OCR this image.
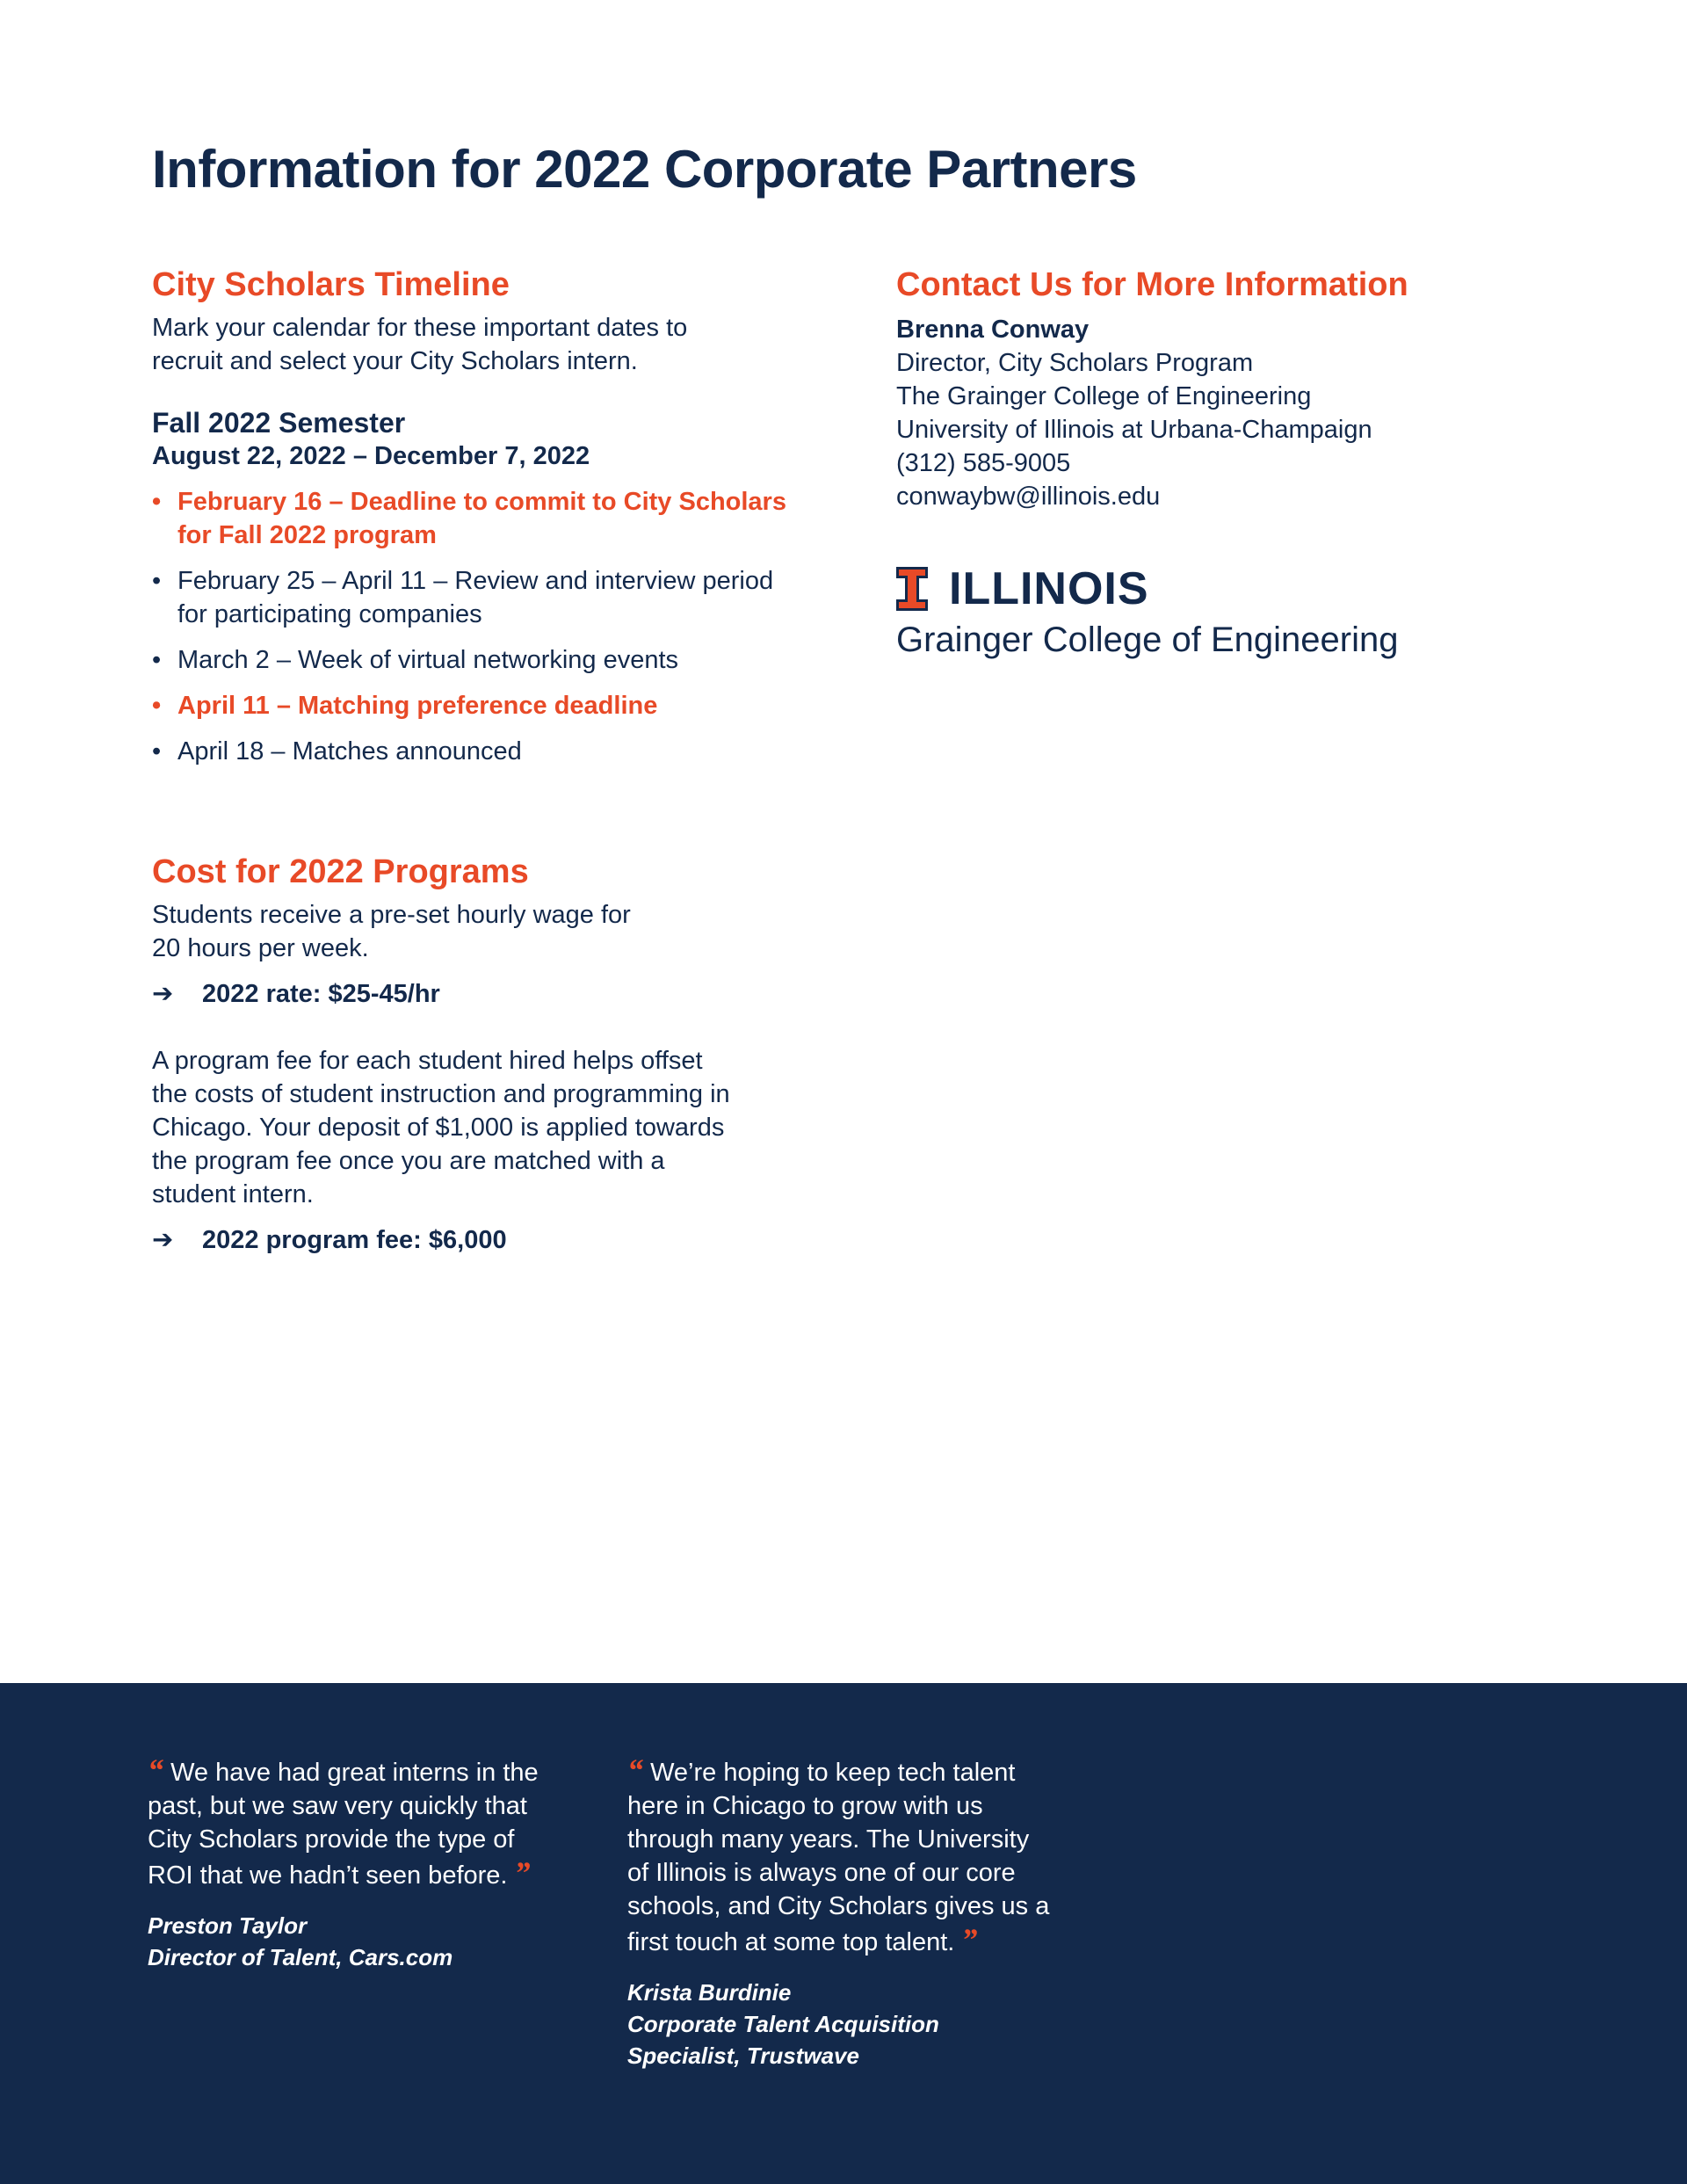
Information for 2022 Corporate Partners
City Scholars Timeline
Mark your calendar for these important dates to
recruit and select your City Scholars intern.
Fall 2022 Semester
August 22, 2022 – December 7, 2022
• February 16 – Deadline to commit to City Scholars
for Fall 2022 program
• February 25 – April 11 – Review and interview period
for participating companies
• March 2 – Week of virtual networking events
• April 11 – Matching preference deadline
• April 18 – Matches announced
Cost for 2022 Programs
Students receive a pre-set hourly wage for
20 hours per week.
➔	2022 rate: $25-45/hr
A program fee for each student hired helps offset
the costs of student instruction and programming in
Chicago. Your deposit of $1,000 is applied towards
the program fee once you are matched with a
student intern.
➔	2022 program fee: $6,000
Contact Us for More Information
Brenna Conway
Director, City Scholars Program
The Grainger College of Engineering
University of Illinois at Urbana-Champaign
(312) 585-9005
conwaybw@illinois.edu
ILLINOIS
Grainger College of Engineering

“ We have had great interns in the
past, but we saw very quickly that
City Scholars provide the type of
ROI that we hadn’t seen before. ”

Preston Taylor
Director of Talent, Cars.com

“ We’re hoping to keep tech talent
here in Chicago to grow with us
through many years. The University
of Illinois is always one of our core
schools, and City Scholars gives us a
first touch at some top talent. ”

Krista Burdinie
Corporate Talent Acquisition
Specialist, Trustwave
